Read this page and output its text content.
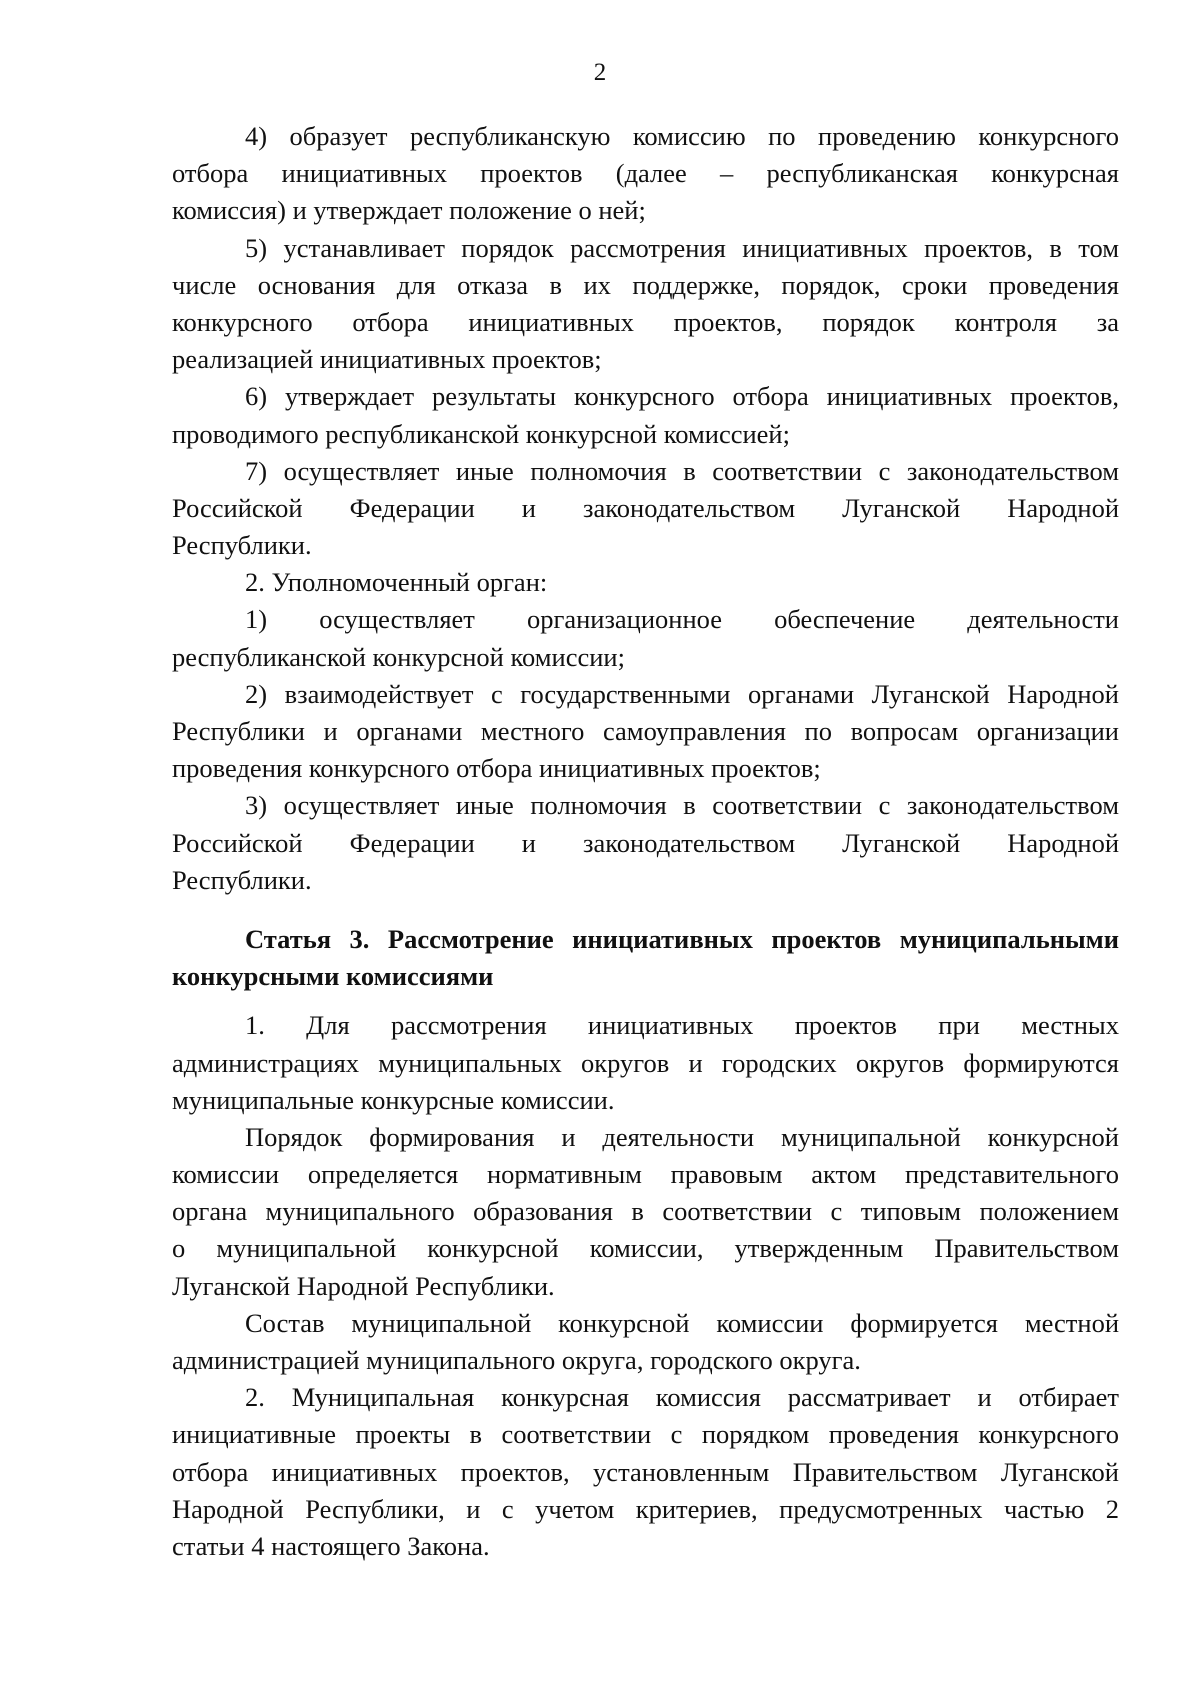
2
4) образует республиканскую комиссию по проведению конкурсного
отбора инициативных проектов (далее – республиканская конкурсная
комиссия) и утверждает положение о ней;
5) устанавливает порядок рассмотрения инициативных проектов, в том
числе основания для отказа в их поддержке, порядок, сроки проведения
конкурсного отбора инициативных проектов, порядок контроля за
реализацией инициативных проектов;
6) утверждает результаты конкурсного отбора инициативных проектов,
проводимого республиканской конкурсной комиссией;
7) осуществляет иные полномочия в соответствии с законодательством
Российской Федерации и законодательством Луганской Народной
Республики.
2. Уполномоченный орган:
1) осуществляет организационное обеспечение деятельности
республиканской конкурсной комиссии;
2) взаимодействует с государственными органами Луганской Народной
Республики и органами местного самоуправления по вопросам организации
проведения конкурсного отбора инициативных проектов;
3) осуществляет иные полномочия в соответствии с законодательством
Российской Федерации и законодательством Луганской Народной
Республики.
Статья 3. Рассмотрение инициативных проектов муниципальными
конкурсными комиссиями
1. Для рассмотрения инициативных проектов при местных
администрациях муниципальных округов и городских округов формируются
муниципальные конкурсные комиссии.
Порядок формирования и деятельности муниципальной конкурсной
комиссии определяется нормативным правовым актом представительного
органа муниципального образования в соответствии с типовым положением
о муниципальной конкурсной комиссии, утвержденным Правительством
Луганской Народной Республики.
Состав муниципальной конкурсной комиссии формируется местной
администрацией муниципального округа, городского округа.
2. Муниципальная конкурсная комиссия рассматривает и отбирает
инициативные проекты в соответствии с порядком проведения конкурсного
отбора инициативных проектов, установленным Правительством Луганской
Народной Республики, и с учетом критериев, предусмотренных частью 2
статьи 4 настоящего Закона.
